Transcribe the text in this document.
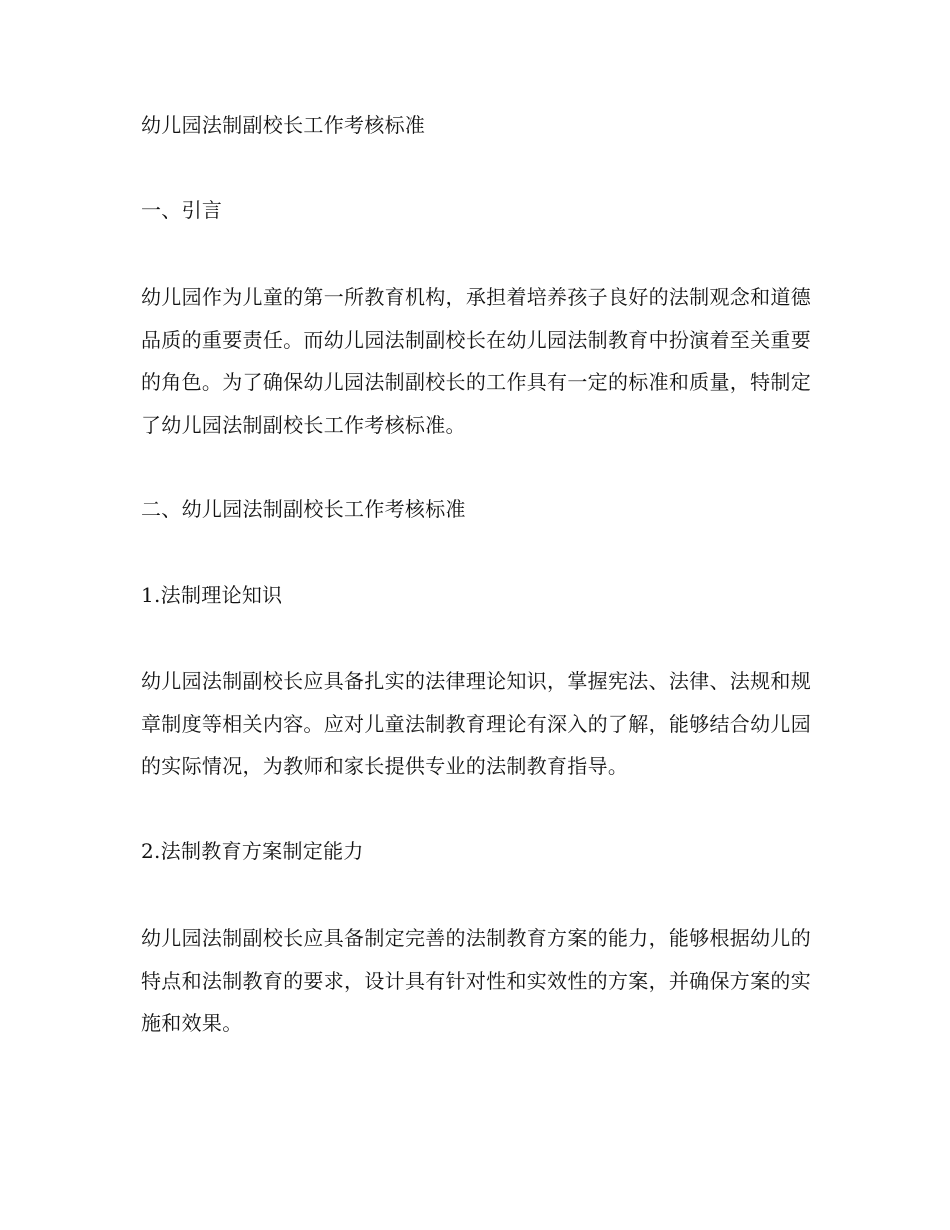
幼儿园法制副校长工作考核标准

一、引言

幼儿园作为儿童的第一所教育机构，承担着培养孩子良好的法制观念和道德品质的重要责任。而幼儿园法制副校长在幼儿园法制教育中扮演着至关重要的角色。为了确保幼儿园法制副校长的工作具有一定的标准和质量，特制定了幼儿园法制副校长工作考核标准。

二、幼儿园法制副校长工作考核标准

1.法制理论知识

幼儿园法制副校长应具备扎实的法律理论知识，掌握宪法、法律、法规和规章制度等相关内容。应对儿童法制教育理论有深入的了解，能够结合幼儿园的实际情况，为教师和家长提供专业的法制教育指导。

2.法制教育方案制定能力

幼儿园法制副校长应具备制定完善的法制教育方案的能力，能够根据幼儿的特点和法制教育的要求，设计具有针对性和实效性的方案，并确保方案的实施和效果。
